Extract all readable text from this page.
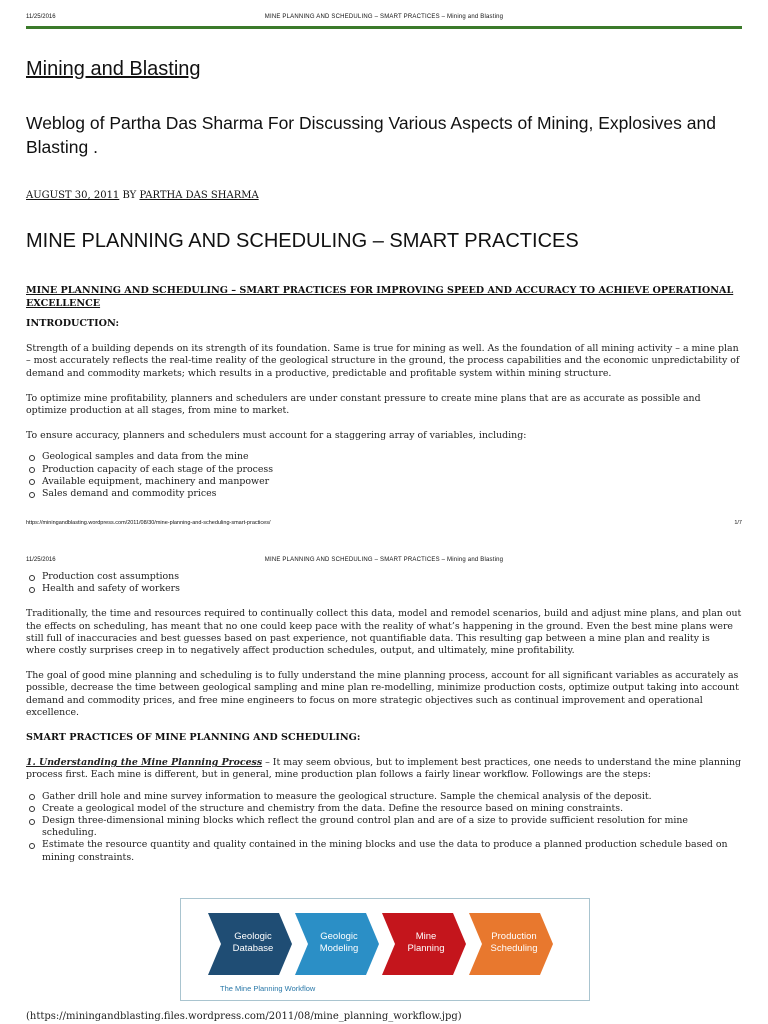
11/25/2016	MINE PLANNING AND SCHEDULING – SMART PRACTICES – Mining and Blasting
Mining and Blasting
Weblog of Partha Das Sharma For Discussing Various Aspects of Mining, Explosives and Blasting .
AUGUST 30, 2011 BY PARTHA DAS SHARMA
MINE PLANNING AND SCHEDULING – SMART PRACTICES

MINE PLANNING AND SCHEDULING – SMART PRACTICES FOR IMPROVING SPEED AND ACCURACY TO ACHIEVE OPERATIONAL EXCELLENCE

INTRODUCTION:

Strength of a building depends on its strength of its foundation. Same is true for mining as well. As the foundation of all mining activity – a mine plan – most accurately reflects the real-time reality of the geological structure in the ground, the process capabilities and the economic unpredictability of demand and commodity markets; which results in a productive, predictable and profitable system within mining structure.

To optimize mine profitability, planners and schedulers are under constant pressure to create mine plans that are as accurate as possible and optimize production at all stages, from mine to market.

To ensure accuracy, planners and schedulers must account for a staggering array of variables, including:

Geological samples and data from the mine
Production capacity of each stage of the process
Available equipment, machinery and manpower
Sales demand and commodity prices
https://miningandblasting.wordpress.com/2011/08/30/mine-planning-and-scheduling-smart-practices/	1/7
11/25/2016	MINE PLANNING AND SCHEDULING – SMART PRACTICES – Mining and Blasting
Production cost assumptions
Health and safety of workers

Traditionally, the time and resources required to continually collect this data, model and remodel scenarios, build and adjust mine plans, and plan out the effects on scheduling, has meant that no one could keep pace with the reality of what’s happening in the ground. Even the best mine plans were still full of inaccuracies and best guesses based on past experience, not quantifiable data. This resulting gap between a mine plan and reality is where costly surprises creep in to negatively affect production schedules, output, and ultimately, mine profitability.

The goal of good mine planning and scheduling is to fully understand the mine planning process, account for all significant variables as accurately as possible, decrease the time between geological sampling and mine plan re-modelling, minimize production costs, optimize output taking into account demand and commodity prices, and free mine engineers to focus on more strategic objectives such as continual improvement and operational excellence.

SMART PRACTICES OF MINE PLANNING AND SCHEDULING:

1. Understanding the Mine Planning Process – It may seem obvious, but to implement best practices, one needs to understand the mine planning process first. Each mine is different, but in general, mine production plan follows a fairly linear workflow. Followings are the steps:

Gather drill hole and mine survey information to measure the geological structure. Sample the chemical analysis of the deposit.
Create a geological model of the structure and chemistry from the data. Define the resource based on mining constraints.
Design three-dimensional mining blocks which reflect the ground control plan and are of a size to provide sufficient resolution for mine scheduling.
Estimate the resource quantity and quality contained in the mining blocks and use the data to produce a planned production schedule based on mining constraints.
Geologic
Database
Geologic
Modeling
Mine
Planning
Production
Scheduling
The Mine Planning Workflow
(https://miningandblasting.files.wordpress.com/2011/08/mine_planning_workflow.jpg)
